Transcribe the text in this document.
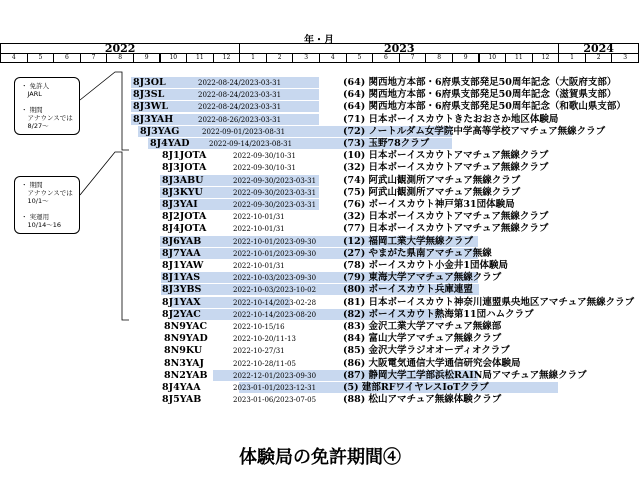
年・月
2022
4	5	6	7	8	9	10	11	12
2023
1	2	3	4	5	6	7	8	9	10	11	12
2024
1	2	3
・ 免許人
　JARL

・ 期間
　アナウンスでは
　8/27～
・ 期間
　アナウンスでは
　10/1～

・ 実運用
　10/14～16
8J3OL	2022-08-24/2023-03-31	(64) 関西地方本部・6府県支部発足50周年記念（大阪府支部）
8J3SL	2022-08-24/2023-03-31	(64) 関西地方本部・6府県支部発足50周年記念（滋賀県支部）
8J3WL	2022-08-24/2023-03-31	(64) 関西地方本部・6府県支部発足50周年記念（和歌山県支部）
8J3YAH	2022-08-26/2023-03-31	(71) 日本ボーイスカウトきたおおさか地区体験局
8J3YAG	2022-09-01/2023-08-31	(72) ノートルダム女学院中学高等学校アマチュア無線クラブ
8J4YAD	2022-09-14/2023-08-31	(73) 玉野78クラブ
8J1JOTA	2022-09-30/10-31	(10) 日本ボーイスカウトアマチュア無線クラブ
8J3JOTA	2022-09-30/10-31	(32) 日本ボーイスカウトアマチュア無線クラブ
8J3ABU	2022-09-30/2023-03-31	(74) 阿武山観測所アマチュア無線クラブ
8J3KYU	2022-09-30/2023-03-31	(75) 阿武山観測所アマチュア無線クラブ
8J3YAI	2022-09-30/2023-03-31	(76) ボーイスカウト神戸第31団体験局
8J2JOTA	2022-10-01/31	(32) 日本ボーイスカウトアマチュア無線クラブ
8J4JOTA	2022-10-01/31	(77) 日本ボーイスカウトアマチュア無線クラブ
8J6YAB	2022-10-01/2023-09-30	(12) 福岡工業大学無線クラブ
8J7YAA	2022-10-01/2023-09-30	(27) やまがた県南アマチュア無線
8J1YAW	2022-10-01/31	(78) ボーイスカウト小金井1団体験局
8J1YAS	2022-10-03/2023-09-30	(79) 東海大学アマチュア無線クラブ
8J3YBS	2022-10-03/2023-10-02	(80) ボーイスカウト兵庫連盟
8J1YAX	2022-10-14/2023-02-28	(81) 日本ボーイスカウト神奈川連盟県央地区アマチュア無線クラブ
8J2YAC	2022-10-14/2023-08-20	(82) ボーイスカウト熱海第11団ハムクラブ
8N9YAC	2022-10-15/16	(83) 金沢工業大学アマチュア無線部
8N9YAD	2022-10-20/11-13	(84) 富山大学アマチュア無線クラブ
8N9KU	2022-10-27/31	(85) 金沢大学ラジオオーディオクラブ
8N3YAJ	2022-10-28/11-05	(86) 大阪電気通信大学通信研究会体験局
8N2YAB	2022-12-01/2023-09-30	(87) 静岡大学工学部浜松RAIN局アマチュア無線クラブ
8J4YAA	2023-01-01/2023-12-31	(5) 建部RFワイヤレスIoTクラブ
8J5YAB	2023-01-06/2023-07-05	(88) 松山アマチュア無線体験クラブ
体験局の免許期間④
